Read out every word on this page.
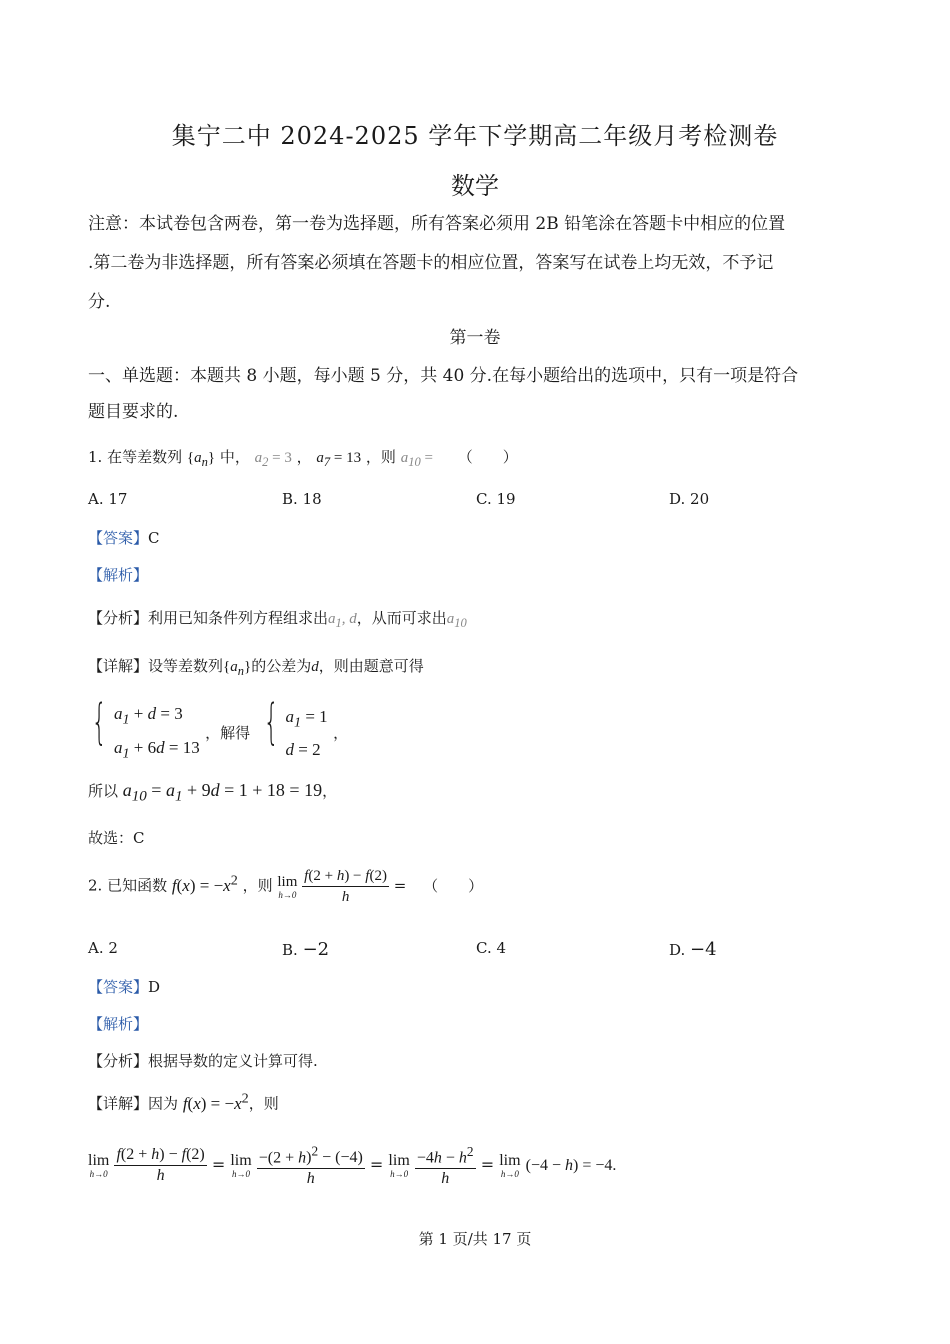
集宁二中 2024-2025 学年下学期高二年级月考检测卷
数学
注意：本试卷包含两卷，第一卷为选择题，所有答案必须用 2B 铅笔涂在答题卡中相应的位置
.第二卷为非选择题，所有答案必须填在答题卡的相应位置，答案写在试卷上均无效，不予记
分.
第一卷
一、单选题：本题共 8 小题，每小题 5 分，共 40 分.在每小题给出的选项中，只有一项是符合
题目要求的.
1. 在等差数列 $\{a_n\}$ 中， $a_2 = 3$ ， $a_7 = 13$ ，则 $a_{10}$ = （　　）
A. 17	B. 18	C. 19	D. 20
【答案】C
【解析】
【分析】利用已知条件列方程组求出$a_1$, d，从而可求出$a_{10}$
【详解】设等差数列$\{a_n\}$的公差为d，则由题意可得
{ $a_1 + d = 3$
$a_1 + 6d = 13$
，解得 { $a_1 = 1$
d = 2
，
所以 $a_{10} = a_1 + 9d = 1 + 18 = 19$，
故选：C
2. 已知函数 $f(x) = -x^2$ ，则 lim
h→0
$\frac{f(2 + h) - f(2)}{h}$ = （　　）
A. 2	B. −2	C. 4	D. −4
【答案】D
【解析】
【分析】根据导数的定义计算可得.
【详解】因为 $f(x) = -x^2$，则
lim
h→0
$\frac{f(2 + h) - f(2)}{h} = \lim$
h→0
$\frac{-(2 + h)^2 - (-4)}{h} = \lim$
h→0
$\frac{-4h - h^2}{h} = \lim$
h→0 (−4 − h) = −4.
第 1 页/共 17 页
